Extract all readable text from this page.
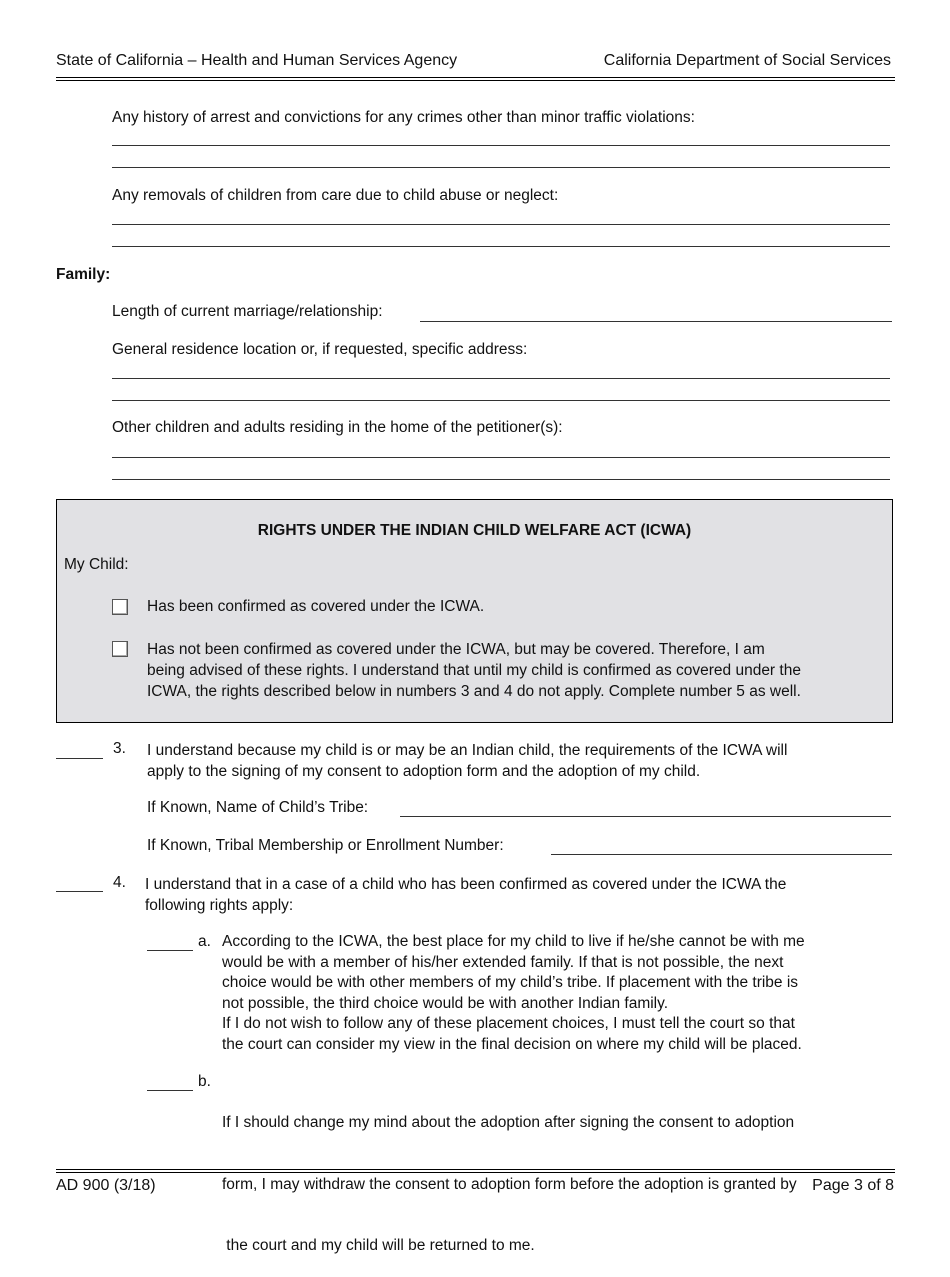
State of California – Health and Human Services Agency	California Department of Social Services
Any history of arrest and convictions for any crimes other than minor traffic violations:
Any removals of children from care due to child abuse or neglect:
Family:
Length of current marriage/relationship:
General residence location or, if requested, specific address:
Other children and adults residing in the home of the petitioner(s):
RIGHTS UNDER THE INDIAN CHILD WELFARE ACT (ICWA)
My Child:
Has been confirmed as covered under the ICWA.
Has not been confirmed as covered under the ICWA, but may be covered. Therefore, I am
being advised of these rights. I understand that until my child is confirmed as covered under the
ICWA, the rights described below in numbers 3 and 4 do not apply. Complete number 5 as well.
3. I understand because my child is or may be an Indian child, the requirements of the ICWA will
apply to the signing of my consent to adoption form and the adoption of my child.
If Known, Name of Child’s Tribe:
If Known, Tribal Membership or Enrollment Number:
4. I understand that in a case of a child who has been confirmed as covered under the ICWA the
following rights apply:
a. According to the ICWA, the best place for my child to live if he/she cannot be with me
would be with a member of his/her extended family. If that is not possible, the next
choice would be with other members of my child’s tribe. If placement with the tribe is
not possible, the third choice would be with another Indian family.
If I do not wish to follow any of these placement choices, I must tell the court so that
the court can consider my view in the final decision on where my child will be placed.
b.

If I should change my mind about the adoption after signing the consent to adoption

form, I may withdraw the consent to adoption form before the adoption is granted by

the court and my child will be returned to me.

AD 900 (3/18)	Page 3 of 8
